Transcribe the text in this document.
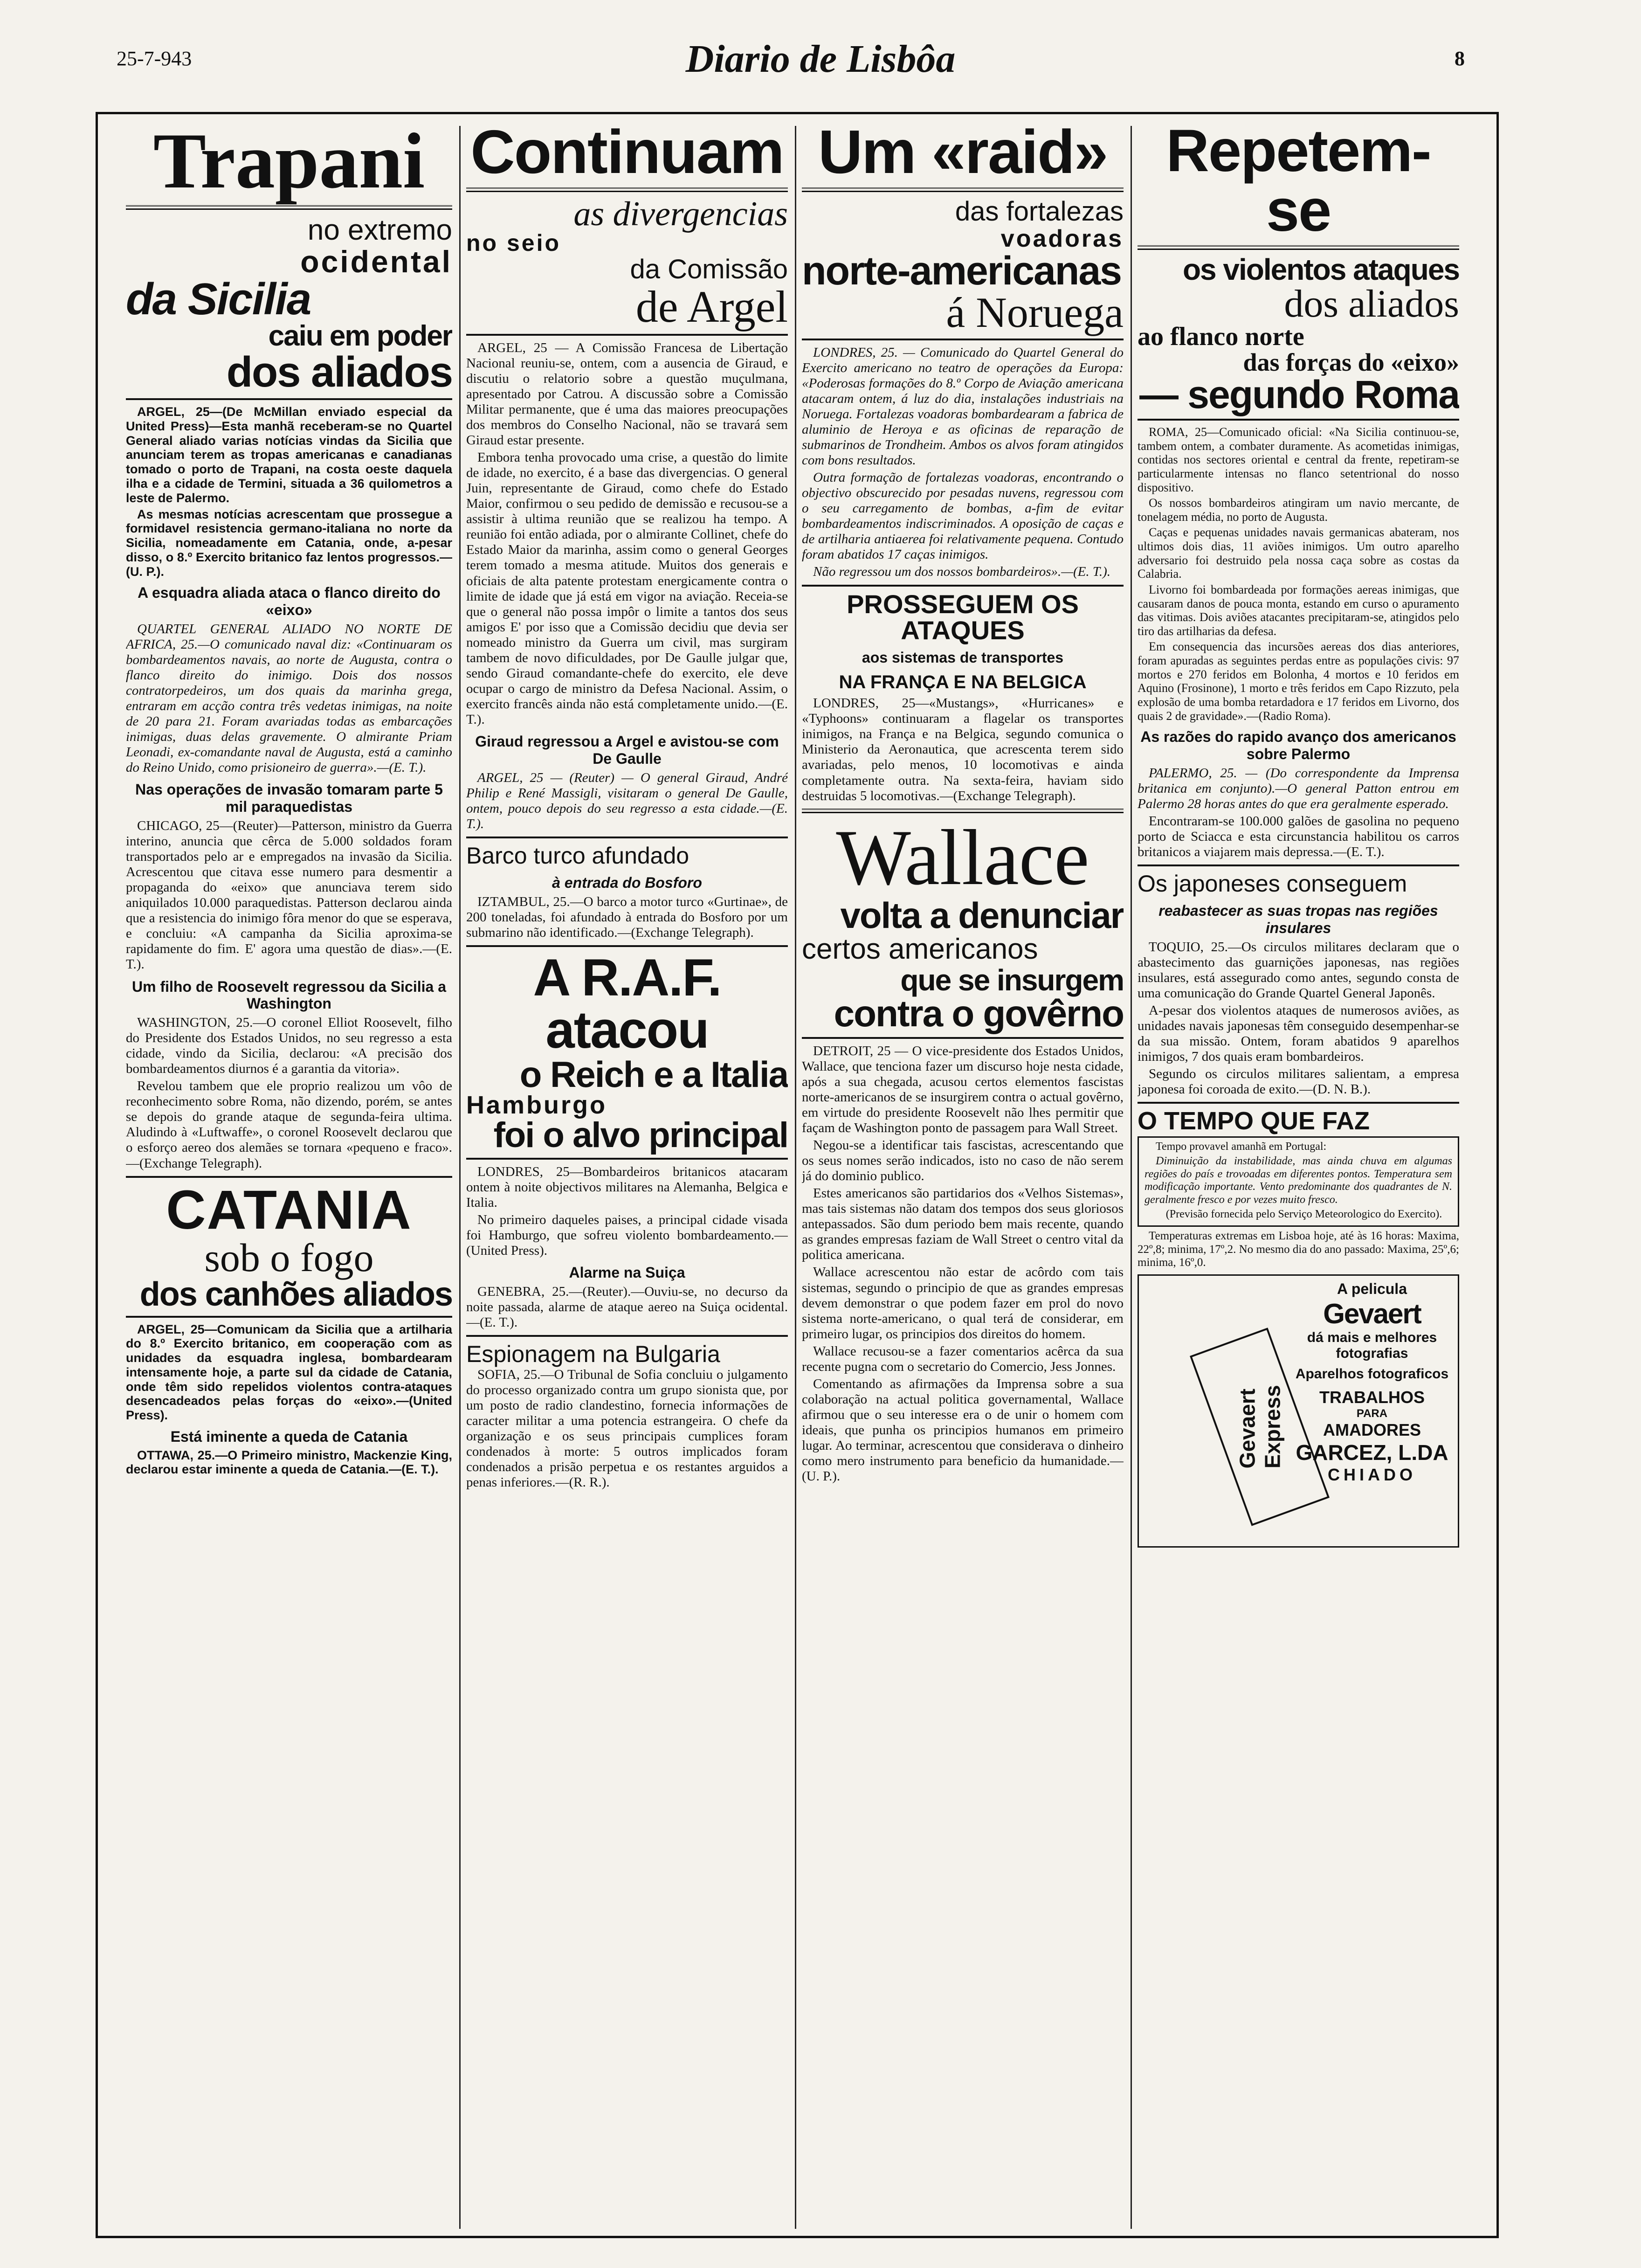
25-7-943	Diario de Lisbôa	8
Trapani
no extremo
ocidental
da Sicilia
caiu em poder
dos aliados

ARGEL, 25—(De McMillan enviado especial da United Press)—Esta manhã receberam-se no Quartel General aliado varias notícias vindas da Sicilia que anunciam terem as tropas americanas e canadianas tomado o porto de Trapani, na costa oeste daquela ilha e a cidade de Termini, situada a 36 quilometros a leste de Palermo.

As mesmas notícias acrescentam que prossegue a formidavel resistencia germano-italiana no norte da Sicilia, nomeadamente em Catania, onde, a-pesar disso, o 8.º Exercito britanico faz lentos progressos.—(U. P.).

A esquadra aliada ataca o flanco direito do «eixo»

QUARTEL GENERAL ALIADO NO NORTE DE AFRICA, 25.—O comunicado naval diz: «Continuaram os bombardeamentos navais, ao norte de Augusta, contra o flanco direito do inimigo. Dois dos nossos contratorpedeiros, um dos quais da marinha grega, entraram em acção contra três vedetas inimigas, na noite de 20 para 21. Foram avariadas todas as embarcações inimigas, duas delas gravemente. O almirante Priam Leonadi, ex-comandante naval de Augusta, está a caminho do Reino Unido, como prisioneiro de guerra».—(E. T.).

Nas operações de invasão tomaram parte 5 mil paraquedistas

CHICAGO, 25—(Reuter)—Patterson, ministro da Guerra interino, anuncia que cêrca de 5.000 soldados foram transportados pelo ar e empregados na invasão da Sicilia. Acrescentou que citava esse numero para desmentir a propaganda do «eixo» que anunciava terem sido aniquilados 10.000 paraquedistas. Patterson declarou ainda que a resistencia do inimigo fôra menor do que se esperava, e concluiu: «A campanha da Sicilia aproxima-se rapidamente do fim. E' agora uma questão de dias».—(E. T.).

Um filho de Roosevelt regressou da Sicilia a Washington

WASHINGTON, 25.—O coronel Elliot Roosevelt, filho do Presidente dos Estados Unidos, no seu regresso a esta cidade, vindo da Sicilia, declarou: «A precisão dos bombardeamentos diurnos é a garantia da vitoria».

Revelou tambem que ele proprio realizou um vôo de reconhecimento sobre Roma, não dizendo, porém, se antes se depois do grande ataque de segunda-feira ultima. Aludindo à «Luftwaffe», o coronel Roosevelt declarou que o esforço aereo dos alemães se tornara «pequeno e fraco».—(Exchange Telegraph).

CATANIA
sob o fogo
dos canhões aliados

ARGEL, 25—Comunicam da Sicilia que a artilharia do 8.º Exercito britanico, em cooperação com as unidades da esquadra inglesa, bombardearam intensamente hoje, a parte sul da cidade de Catania, onde têm sido repelidos violentos contra-ataques desencadeados pelas forças do «eixo».—(United Press).

Está iminente a queda de Catania

OTTAWA, 25.—O Primeiro ministro, Mackenzie King, declarou estar iminente a queda de Catania.—(E. T.).

Continuam
as divergencias
no seio
da Comissão
de Argel

ARGEL, 25 — A Comissão Francesa de Libertação Nacional reuniu-se, ontem, com a ausencia de Giraud, e discutiu o relatorio sobre a questão muçulmana, apresentado por Catrou. A discussão sobre a Comissão Militar permanente, que é uma das maiores preocupações dos membros do Conselho Nacional, não se travará sem Giraud estar presente.

Embora tenha provocado uma crise, a questão do limite de idade, no exercito, é a base das divergencias. O general Juin, representante de Giraud, como chefe do Estado Maior, confirmou o seu pedido de demissão e recusou-se a assistir à ultima reunião que se realizou ha tempo. A reunião foi então adiada, por o almirante Collinet, chefe do Estado Maior da marinha, assim como o general Georges terem tomado a mesma atitude. Muitos dos generais e oficiais de alta patente protestam energicamente contra o limite de idade que já está em vigor na aviação. Receia-se que o general não possa impôr o limite a tantos dos seus amigos E' por isso que a Comissão decidiu que devia ser nomeado ministro da Guerra um civil, mas surgiram tambem de novo dificuldades, por De Gaulle julgar que, sendo Giraud comandante-chefe do exercito, ele deve ocupar o cargo de ministro da Defesa Nacional. Assim, o exercito francês ainda não está completamente unido.—(E. T.).

Giraud regressou a Argel e avistou-se com De Gaulle

ARGEL, 25 — (Reuter) — O general Giraud, André Philip e René Massigli, visitaram o general De Gaulle, ontem, pouco depois do seu regresso a esta cidade.—(E. T.).

Barco turco afundado
à entrada do Bosforo

IZTAMBUL, 25.—O barco a motor turco «Gurtinae», de 200 toneladas, foi afundado à entrada do Bosforo por um submarino não identificado.—(Exchange Telegraph).

A R.A.F. atacou
o Reich e a Italia
Hamburgo
foi o alvo principal

LONDRES, 25—Bombardeiros britanicos atacaram ontem à noite objectivos militares na Alemanha, Belgica e Italia.

No primeiro daqueles paises, a principal cidade visada foi Hamburgo, que sofreu violento bombardeamento.—(United Press).

Alarme na Suiça

GENEBRA, 25.—(Reuter).—Ouviu-se, no decurso da noite passada, alarme de ataque aereo na Suiça ocidental.—(E. T.).

Espionagem na Bulgaria

SOFIA, 25.—O Tribunal de Sofia concluiu o julgamento do processo organizado contra um grupo sionista que, por um posto de radio clandestino, fornecia informações de caracter militar a uma potencia estrangeira. O chefe da organização e os seus principais cumplices foram condenados à morte: 5 outros implicados foram condenados a prisão perpetua e os restantes arguidos a penas inferiores.—(R. R.).

Um «raid»
das fortalezas
voadoras
norte-americanas
á Noruega

LONDRES, 25. — Comunicado do Quartel General do Exercito americano no teatro de operações da Europa: «Poderosas formações do 8.º Corpo de Aviação americana atacaram ontem, á luz do dia, instalações industriais na Noruega. Fortalezas voadoras bombardearam a fabrica de aluminio de Heroya e as oficinas de reparação de submarinos de Trondheim. Ambos os alvos foram atingidos com bons resultados.

Outra formação de fortalezas voadoras, encontrando o objectivo obscurecido por pesadas nuvens, regressou com o seu carregamento de bombas, a-fim de evitar bombardeamentos indiscriminados. A oposição de caças e de artilharia antiaerea foi relativamente pequena. Contudo foram abatidos 17 caças inimigos.

Não regressou um dos nossos bombardeiros».—(E. T.).

PROSSEGUEM OS ATAQUES
aos sistemas de transportes
NA FRANÇA E NA BELGICA

LONDRES, 25—«Mustangs», «Hurricanes» e «Typhoons» continuaram a flagelar os transportes inimigos, na França e na Belgica, segundo comunica o Ministerio da Aeronautica, que acrescenta terem sido avariadas, pelo menos, 10 locomotivas e ainda completamente outra. Na sexta-feira, haviam sido destruidas 5 locomotivas.—(Exchange Telegraph).

Wallace
volta a denunciar
certos americanos
que se insurgem
contra o govêrno

DETROIT, 25 — O vice-presidente dos Estados Unidos, Wallace, que tenciona fazer um discurso hoje nesta cidade, após a sua chegada, acusou certos elementos fascistas norte-americanos de se insurgirem contra o actual govêrno, em virtude do presidente Roosevelt não lhes permitir que façam de Washington ponto de passagem para Wall Street.

Negou-se a identificar tais fascistas, acrescentando que os seus nomes serão indicados, isto no caso de não serem já do dominio publico.

Estes americanos são partidarios dos «Velhos Sistemas», mas tais sistemas não datam dos tempos dos seus gloriosos antepassados. São dum periodo bem mais recente, quando as grandes empresas faziam de Wall Street o centro vital da politica americana.

Wallace acrescentou não estar de acôrdo com tais sistemas, segundo o principio de que as grandes empresas devem demonstrar o que podem fazer em prol do novo sistema norte-americano, o qual terá de considerar, em primeiro lugar, os principios dos direitos do homem.

Wallace recusou-se a fazer comentarios acêrca da sua recente pugna com o secretario do Comercio, Jess Jonnes.

Comentando as afirmações da Imprensa sobre a sua colaboração na actual politica governamental, Wallace afirmou que o seu interesse era o de unir o homem com ideais, que punha os principios humanos em primeiro lugar. Ao terminar, acrescentou que considerava o dinheiro como mero instrumento para beneficio da humanidade.—(U. P.).

Repetem-se
os violentos ataques
dos aliados
ao flanco norte
das forças do «eixo»
— segundo Roma

ROMA, 25—Comunicado oficial: «Na Sicilia continuou-se, tambem ontem, a combater duramente. As acometidas inimigas, contidas nos sectores oriental e central da frente, repetiram-se particularmente intensas no flanco setentrional do nosso dispositivo.

Os nossos bombardeiros atingiram um navio mercante, de tonelagem média, no porto de Augusta.

Caças e pequenas unidades navais germanicas abateram, nos ultimos dois dias, 11 aviões inimigos. Um outro aparelho adversario foi destruido pela nossa caça sobre as costas da Calabria.

Livorno foi bombardeada por formações aereas inimigas, que causaram danos de pouca monta, estando em curso o apuramento das vitimas. Dois aviões atacantes precipitaram-se, atingidos pelo tiro das artilharias da defesa.

Em consequencia das incursões aereas dos dias anteriores, foram apuradas as seguintes perdas entre as populações civis: 97 mortos e 270 feridos em Bolonha, 4 mortos e 10 feridos em Aquino (Frosinone), 1 morto e três feridos em Capo Rizzuto, pela explosão de uma bomba retardadora e 17 feridos em Livorno, dos quais 2 de gravidade».—(Radio Roma).

As razões do rapido avanço dos americanos sobre Palermo

PALERMO, 25. — (Do correspondente da Imprensa britanica em conjunto).—O general Patton entrou em Palermo 28 horas antes do que era geralmente esperado.

Encontraram-se 100.000 galões de gasolina no pequeno porto de Sciacca e esta circunstancia habilitou os carros britanicos a viajarem mais depressa.—(E. T.).

Os japoneses conseguem
reabastecer as suas tropas nas regiões insulares

TOQUIO, 25.—Os circulos militares declaram que o abastecimento das guarnições japonesas, nas regiões insulares, está assegurado como antes, segundo consta de uma comunicação do Grande Quartel General Japonês.

A-pesar dos violentos ataques de numerosos aviões, as unidades navais japonesas têm conseguido desempenhar-se da sua missão. Ontem, foram abatidos 9 aparelhos inimigos, 7 dos quais eram bombardeiros.

Segundo os circulos militares salientam, a empresa japonesa foi coroada de exito.—(D. N. B.).

O TEMPO QUE FAZ

Tempo provavel amanhã em Portugal:

Diminuição da instabilidade, mas ainda chuva em algumas regiões do país e trovoadas em diferentes pontos. Temperatura sem modificação importante. Vento predominante dos quadrantes de N. geralmente fresco e por vezes muito fresco.

(Previsão fornecida pelo Serviço Meteorologico do Exercito).

Temperaturas extremas em Lisboa hoje, até às 16 horas: Maxima, 22º,8; minima, 17º,2. No mesmo dia do ano passado: Maxima, 25º,6; minima, 16º,0.

Gevaert Express
A pelicula
Gevaert
dá mais e melhores fotografias
Aparelhos fotograficos
TRABALHOS
PARA
AMADORES
GARCEZ, L.DA
CHIADO
